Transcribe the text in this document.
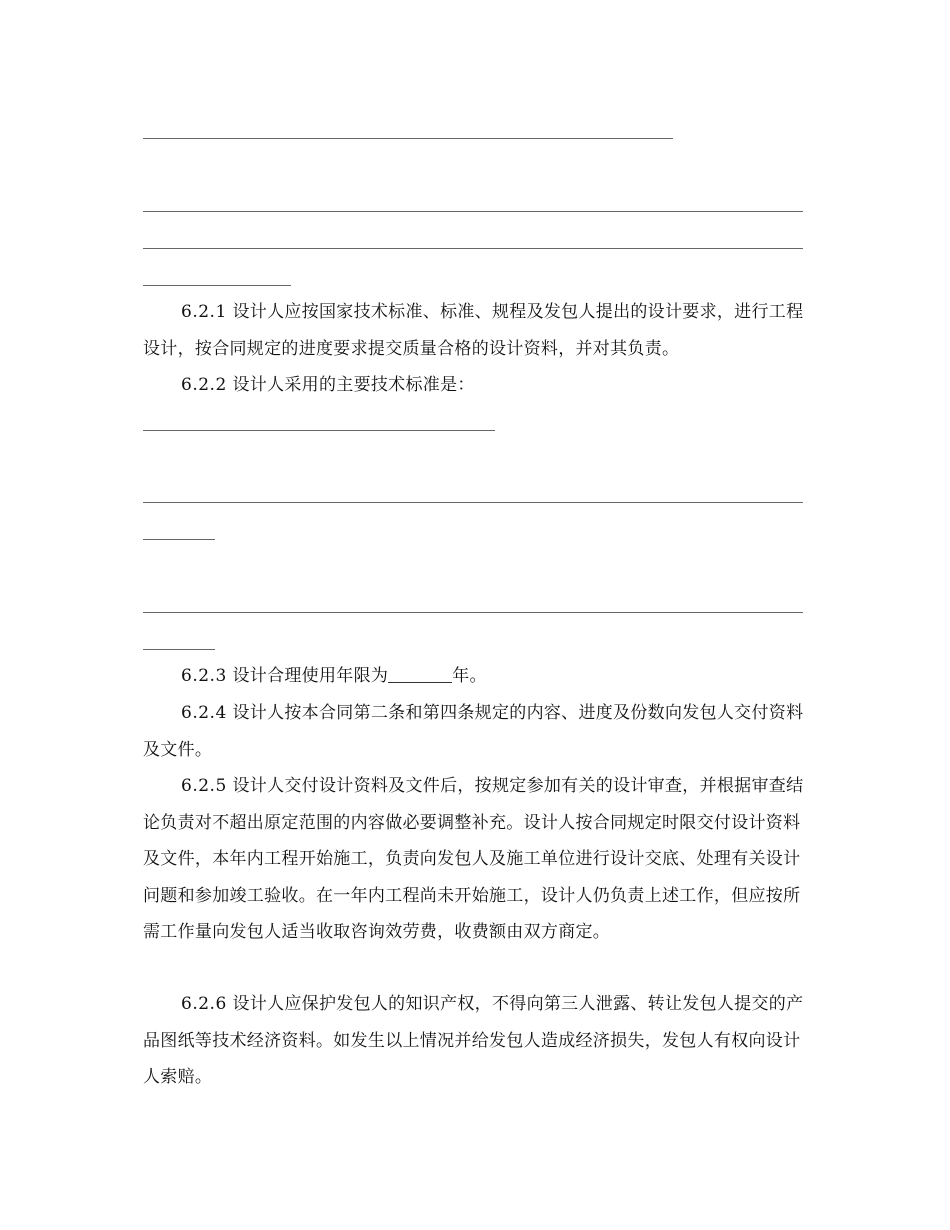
6.2.1 设计人应按国家技术标准、标准、规程及发包人提出的设计要求，进行工程设计，按合同规定的进度要求提交质量合格的设计资料，并对其负责。
6.2.2 设计人采用的主要技术标准是：
6.2.3 设计合理使用年限为	年。
6.2.4 设计人按本合同第二条和第四条规定的内容、进度及份数向发包人交付资料及文件。
6.2.5 设计人交付设计资料及文件后，按规定参加有关的设计审查，并根据审查结论负责对不超出原定范围的内容做必要调整补充。设计人按合同规定时限交付设计资料及文件，本年内工程开始施工，负责向发包人及施工单位进行设计交底、处理有关设计问题和参加竣工验收。在一年内工程尚未开始施工，设计人仍负责上述工作，但应按所需工作量向发包人适当收取咨询效劳费，收费额由双方商定。
6.2.6 设计人应保护发包人的知识产权，不得向第三人泄露、转让发包人提交的产品图纸等技术经济资料。如发生以上情况并给发包人造成经济损失，发包人有权向设计人索赔。
